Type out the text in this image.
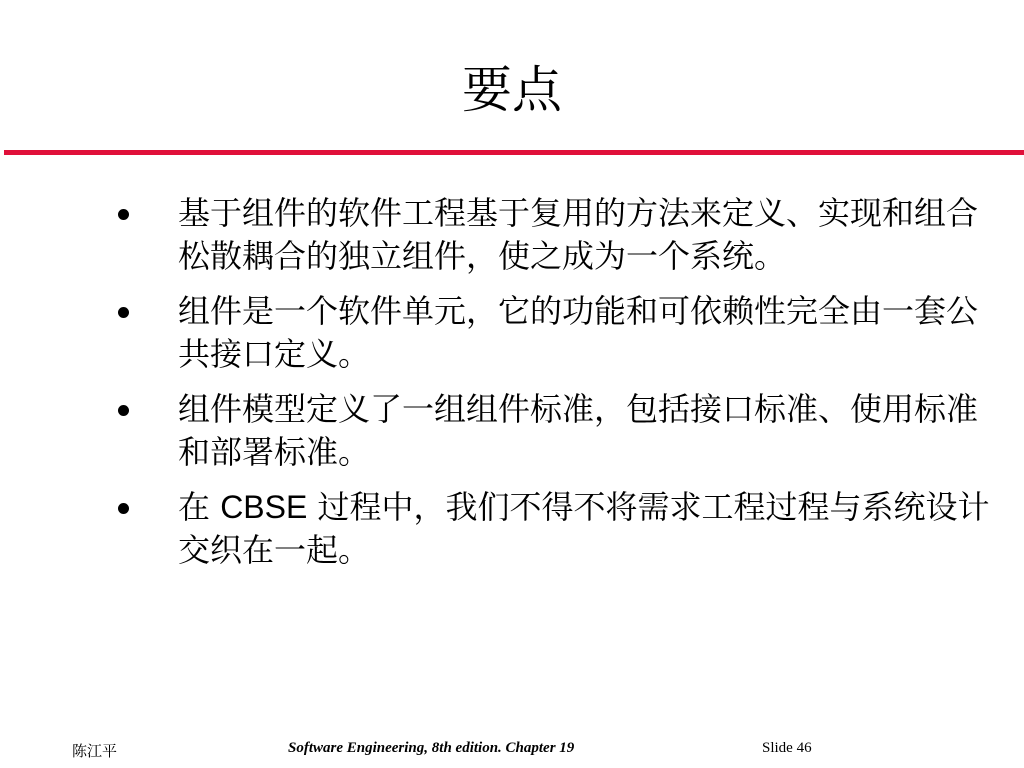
要点
基于组件的软件工程基于复用的方法来定义、实现和组合松散耦合的独立组件，使之成为一个系统。
组件是一个软件单元，它的功能和可依赖性完全由一套公共接口定义。
组件模型定义了一组组件标准，包括接口标准、使用标准和部署标准。
在 CBSE 过程中，我们不得不将需求工程过程与系统设计交织在一起。
陈江平	Software Engineering, 8th edition. Chapter 19	Slide 46
